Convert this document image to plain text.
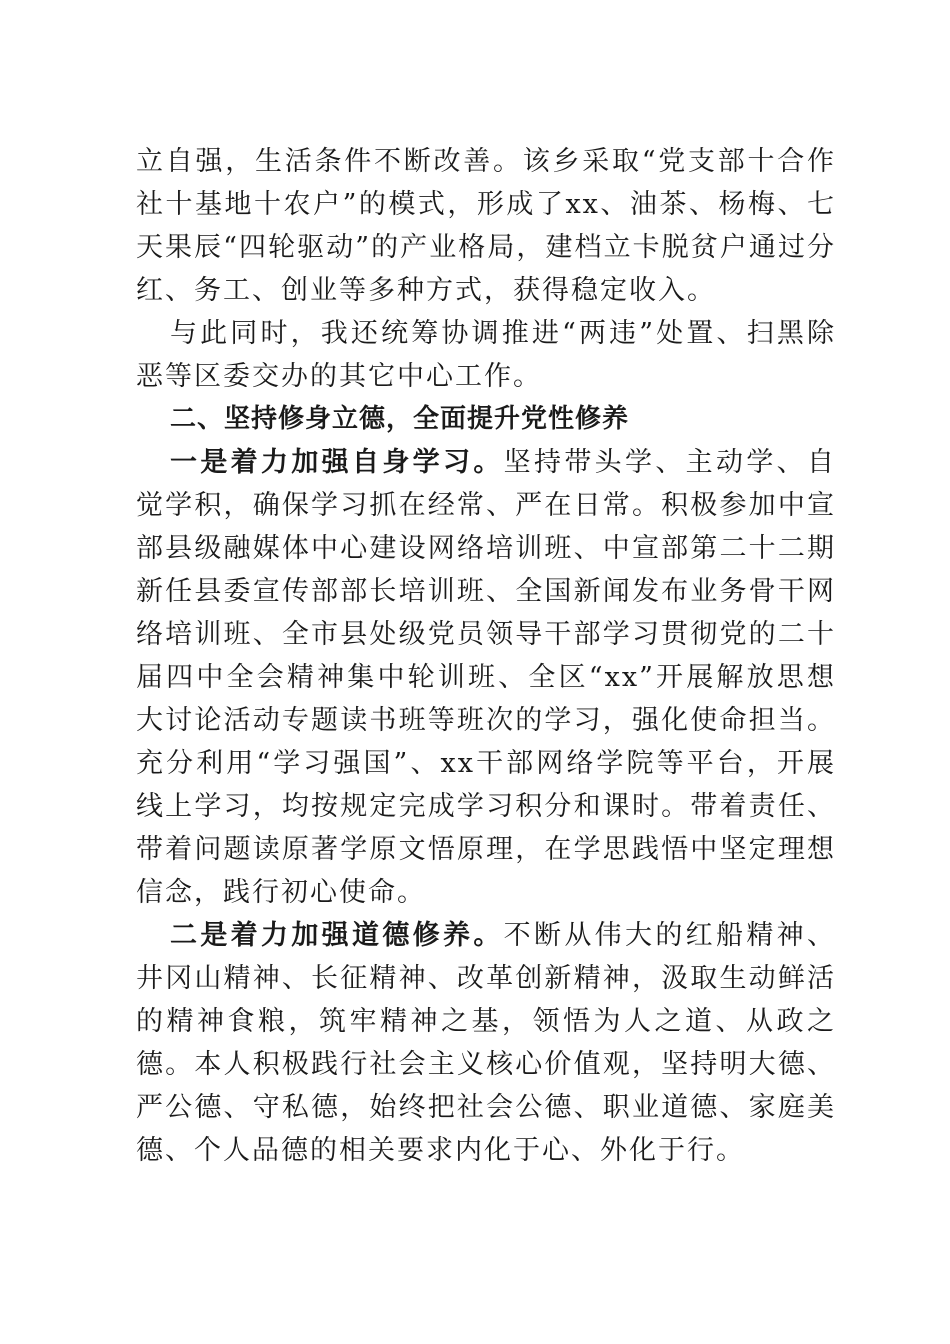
立自强，生活条件不断改善。该乡采取“党支部十合作社十基地十农户”的模式，形成了xx、油茶、杨梅、七天果辰“四轮驱动”的产业格局，建档立卡脱贫户通过分红、务工、创业等多种方式，获得稳定收入。

与此同时，我还统筹协调推进“两违”处置、扫黑除恶等区委交办的其它中心工作。

二、坚持修身立德，全面提升党性修养

一是着力加强自身学习。坚持带头学、主动学、自觉学积，确保学习抓在经常、严在日常。积极参加中宣部县级融媒体中心建设网络培训班、中宣部第二十二期新任县委宣传部部长培训班、全国新闻发布业务骨干网络培训班、全市县处级党员领导干部学习贯彻党的二十届四中全会精神集中轮训班、全区“xx”开展解放思想大讨论活动专题读书班等班次的学习，强化使命担当。充分利用“学习强国”、xx干部网络学院等平台，开展线上学习，均按规定完成学习积分和课时。带着责任、带着问题读原著学原文悟原理，在学思践悟中坚定理想信念，践行初心使命。

二是着力加强道德修养。不断从伟大的红船精神、井冈山精神、长征精神、改革创新精神，汲取生动鲜活的精神食粮，筑牢精神之基，领悟为人之道、从政之德。本人积极践行社会主义核心价值观，坚持明大德、严公德、守私德，始终把社会公德、职业道德、家庭美德、个人品德的相关要求内化于心、外化于行。
